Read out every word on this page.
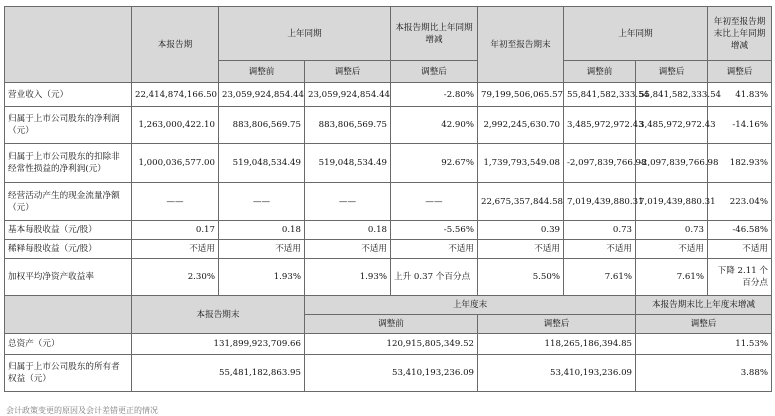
	本报告期	上年同期		本报告期比上年同期增减	年初至报告期末	上年同期		年初至报告期末比上年同期增减
		调整前	调整后	调整后		调整前	调整后	调整后
营业收入（元）	22,414,874,166.50	23,059,924,854.44	23,059,924,854.44	-2.80%	79,199,506,065.57	55,841,582,333.54	55,841,582,333.54	41.83%
归属于上市公司股东的净利润（元）	1,263,000,422.10	883,806,569.75	883,806,569.75	42.90%	2,992,245,630.70	3,485,972,972.43	3,485,972,972.43	-14.16%
归属于上市公司股东的扣除非经常性损益的净利润(元）	1,000,036,577.00	519,048,534.49	519,048,534.49	92.67%	1,739,793,549.08	-2,097,839,766.98	-2,097,839,766.98	182.93%
经营活动产生的现金流量净额（元）	——	——	——	——	22,675,357,844.58	7,019,439,880.31	7,019,439,880.31	223.04%
基本每股收益（元/股）	0.17	0.18	0.18	-5.56%	0.39	0.73	0.73	-46.58%
稀释每股收益（元/股）	不适用	不适用	不适用	不适用	不适用	不适用	不适用	不适用
加权平均净资产收益率	2.30%	1.93%	1.93%	上升 0.37 个百分点	5.50%	7.61%	7.61%	下降 2.11 个百分点
	本报告期末		上年度末				本报告期末比上年度末增减	
			调整前		调整后		调整后	
总资产（元）	131,899,923,709.66		120,915,805,349.52		118,265,186,394.85		11.53%	
归属于上市公司股东的所有者权益（元）	55,481,182,863.95		53,410,193,236.09		53,410,193,236.09		3.88%	
会计政策变更的原因及会计差错更正的情况
